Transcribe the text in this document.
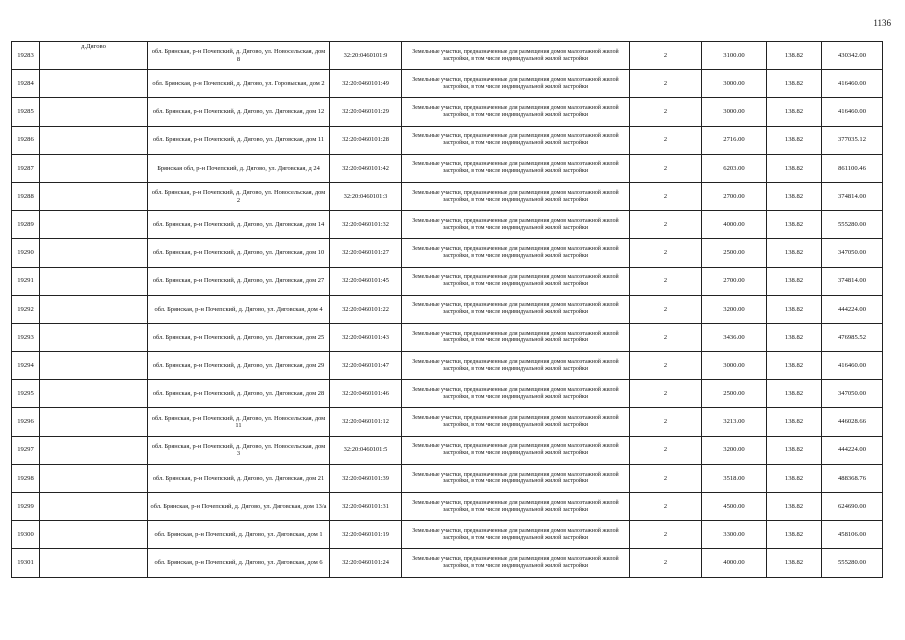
1136
19283	д.Дягово	обл. Брянская, р-н Почепский, д. Дягово, ул. Новосельская, дом 8	32:20:0460101:9	Земельные участки, предназначенные для размещения домов малоэтажной жилой застройки, в том числе индивидуальной жилой застройки	2	3100.00	138.82	430342.00
19284		обл. Брянская, р-н Почепский, д. Дягово, ул. Горовыская, дом 2	32:20:0460101:49	Земельные участки, предназначенные для размещения домов малоэтажной жилой застройки, в том числе индивидуальной жилой застройки	2	3000.00	138.82	416460.00
19285		обл. Брянская, р-н Почепский, д. Дягово, ул. Дяговская, дом 12	32:20:0460101:29	Земельные участки, предназначенные для размещения домов малоэтажной жилой застройки, в том числе индивидуальной жилой застройки	2	3000.00	138.82	416460.00
19286		обл. Брянская, р-н Почепский, д. Дягово, ул. Дяговская, дом 11	32:20:0460101:28	Земельные участки, предназначенные для размещения домов малоэтажной жилой застройки, в том числе индивидуальной жилой застройки	2	2716.00	138.82	377035.12
19287		Брянская обл, р-н Почепский, д. Дягово, ул. Дяговская, д 24	32:20:0460101:42	Земельные участки, предназначенные для размещения домов малоэтажной жилой застройки, в том числе индивидуальной жилой застройки	2	6203.00	138.82	861100.46
19288		обл. Брянская, р-н Почепский, д. Дягово, ул. Новосельская, дом 2	32:20:0460101:3	Земельные участки, предназначенные для размещения домов малоэтажной жилой застройки, в том числе индивидуальной жилой застройки	2	2700.00	138.82	374814.00
19289		обл. Брянская, р-н Почепский, д. Дягово, ул. Дяговская, дом 14	32:20:0460101:32	Земельные участки, предназначенные для размещения домов малоэтажной жилой застройки, в том числе индивидуальной жилой застройки	2	4000.00	138.82	555280.00
19290		обл. Брянская, р-н Почепский, д. Дягово, ул. Дяговская, дом 10	32:20:0460101:27	Земельные участки, предназначенные для размещения домов малоэтажной жилой застройки, в том числе индивидуальной жилой застройки	2	2500.00	138.82	347050.00
19291		обл. Брянская, р-н Почепский, д. Дягово, ул. Дяговская, дом 27	32:20:0460101:45	Земельные участки, предназначенные для размещения домов малоэтажной жилой застройки, в том числе индивидуальной жилой застройки	2	2700.00	138.82	374814.00
19292		обл. Брянская, р-н Почепский, д. Дягово, ул. Дяговская, дом 4	32:20:0460101:22	Земельные участки, предназначенные для размещения домов малоэтажной жилой застройки, в том числе индивидуальной жилой застройки	2	3200.00	138.82	444224.00
19293		обл. Брянская, р-н Почепский, д. Дягово, ул. Дяговская, дом 25	32:20:0460101:43	Земельные участки, предназначенные для размещения домов малоэтажной жилой застройки, в том числе индивидуальной жилой застройки	2	3436.00	138.82	476985.52
19294		обл. Брянская, р-н Почепский, д. Дягово, ул. Дяговская, дом 29	32:20:0460101:47	Земельные участки, предназначенные для размещения домов малоэтажной жилой застройки, в том числе индивидуальной жилой застройки	2	3000.00	138.82	416460.00
19295		обл. Брянская, р-н Почепский, д. Дягово, ул. Дяговская, дом 28	32:20:0460101:46	Земельные участки, предназначенные для размещения домов малоэтажной жилой застройки, в том числе индивидуальной жилой застройки	2	2500.00	138.82	347050.00
19296		обл. Брянская, р-н Почепский, д. Дягово, ул. Новосельская, дом 11	32:20:0460101:12	Земельные участки, предназначенные для размещения домов малоэтажной жилой застройки, в том числе индивидуальной жилой застройки	2	3213.00	138.82	446028.66
19297		обл. Брянская, р-н Почепский, д. Дягово, ул. Новосельская, дом 3	32:20:0460101:5	Земельные участки, предназначенные для размещения домов малоэтажной жилой застройки, в том числе индивидуальной жилой застройки	2	3200.00	138.82	444224.00
19298		обл. Брянская, р-н Почепский, д. Дягово, ул. Дяговская, дом 21	32:20:0460101:39	Земельные участки, предназначенные для размещения домов малоэтажной жилой застройки, в том числе индивидуальной жилой застройки	2	3518.00	138.82	488368.76
19299		обл. Брянская, р-н Почепский, д. Дягово, ул. Дяговская, дом 13/а	32:20:0460101:31	Земельные участки, предназначенные для размещения домов малоэтажной жилой застройки, в том числе индивидуальной жилой застройки	2	4500.00	138.82	624690.00
19300		обл. Брянская, р-н Почепский, д. Дягово, ул. Дяговская, дом 1	32:20:0460101:19	Земельные участки, предназначенные для размещения домов малоэтажной жилой застройки, в том числе индивидуальной жилой застройки	2	3300.00	138.82	458106.00
19301		обл. Брянская, р-н Почепский, д. Дягово, ул. Дяговская, дом 6	32:20:0460101:24	Земельные участки, предназначенные для размещения домов малоэтажной жилой застройки, в том числе индивидуальной жилой застройки	2	4000.00	138.82	555280.00
